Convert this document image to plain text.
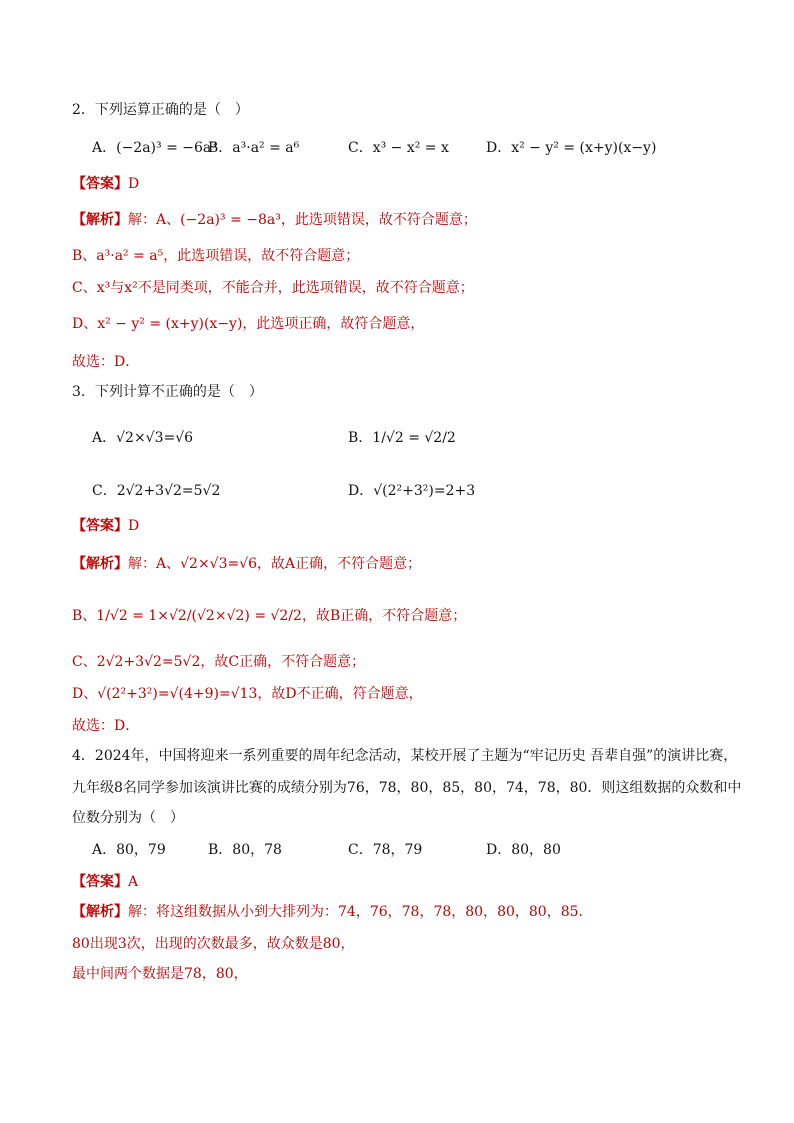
2．下列运算正确的是（　）
A．(−2a)³ = −6a³
B．a³·a² = a⁶	C．x³ − x² = x	D．x² − y² = (x+y)(x−y)
【答案】D
【解析】解：A、(−2a)³ = −8a³，此选项错误，故不符合题意；
B、a³·a² = a⁵，此选项错误，故不符合题意；
C、x³与x²不是同类项，不能合并，此选项错误，故不符合题意；
D、x² − y² = (x+y)(x−y)，此选项正确，故符合题意，
故选：D．
3．下列计算不正确的是（　）
A．√2×√3=√6	B．1/√2 = √2/2
C．2√2+3√2=5√2	D．√(2²+3²)=2+3
【答案】D
【解析】解：A、√2×√3=√6，故A正确，不符合题意；
B、1/√2 = 1×√2/(√2×√2) = √2/2，故B正确，不符合题意；
C、2√2+3√2=5√2，故C正确，不符合题意；
D、√(2²+3²)=√(4+9)=√13，故D不正确，符合题意，
故选：D．
4．2024年，中国将迎来一系列重要的周年纪念活动，某校开展了主题为“牢记历史 吾辈自强”的演讲比赛，
九年级8名同学参加该演讲比赛的成绩分别为76，78，80，85，80，74，78，80．则这组数据的众数和中
位数分别为（　）
A．80，79	B．80，78	C．78，79	D．80，80
【答案】A
【解析】解：将这组数据从小到大排列为：74，76，78，78，80，80，80，85．
80出现3次，出现的次数最多，故众数是80，
最中间两个数据是78，80，
